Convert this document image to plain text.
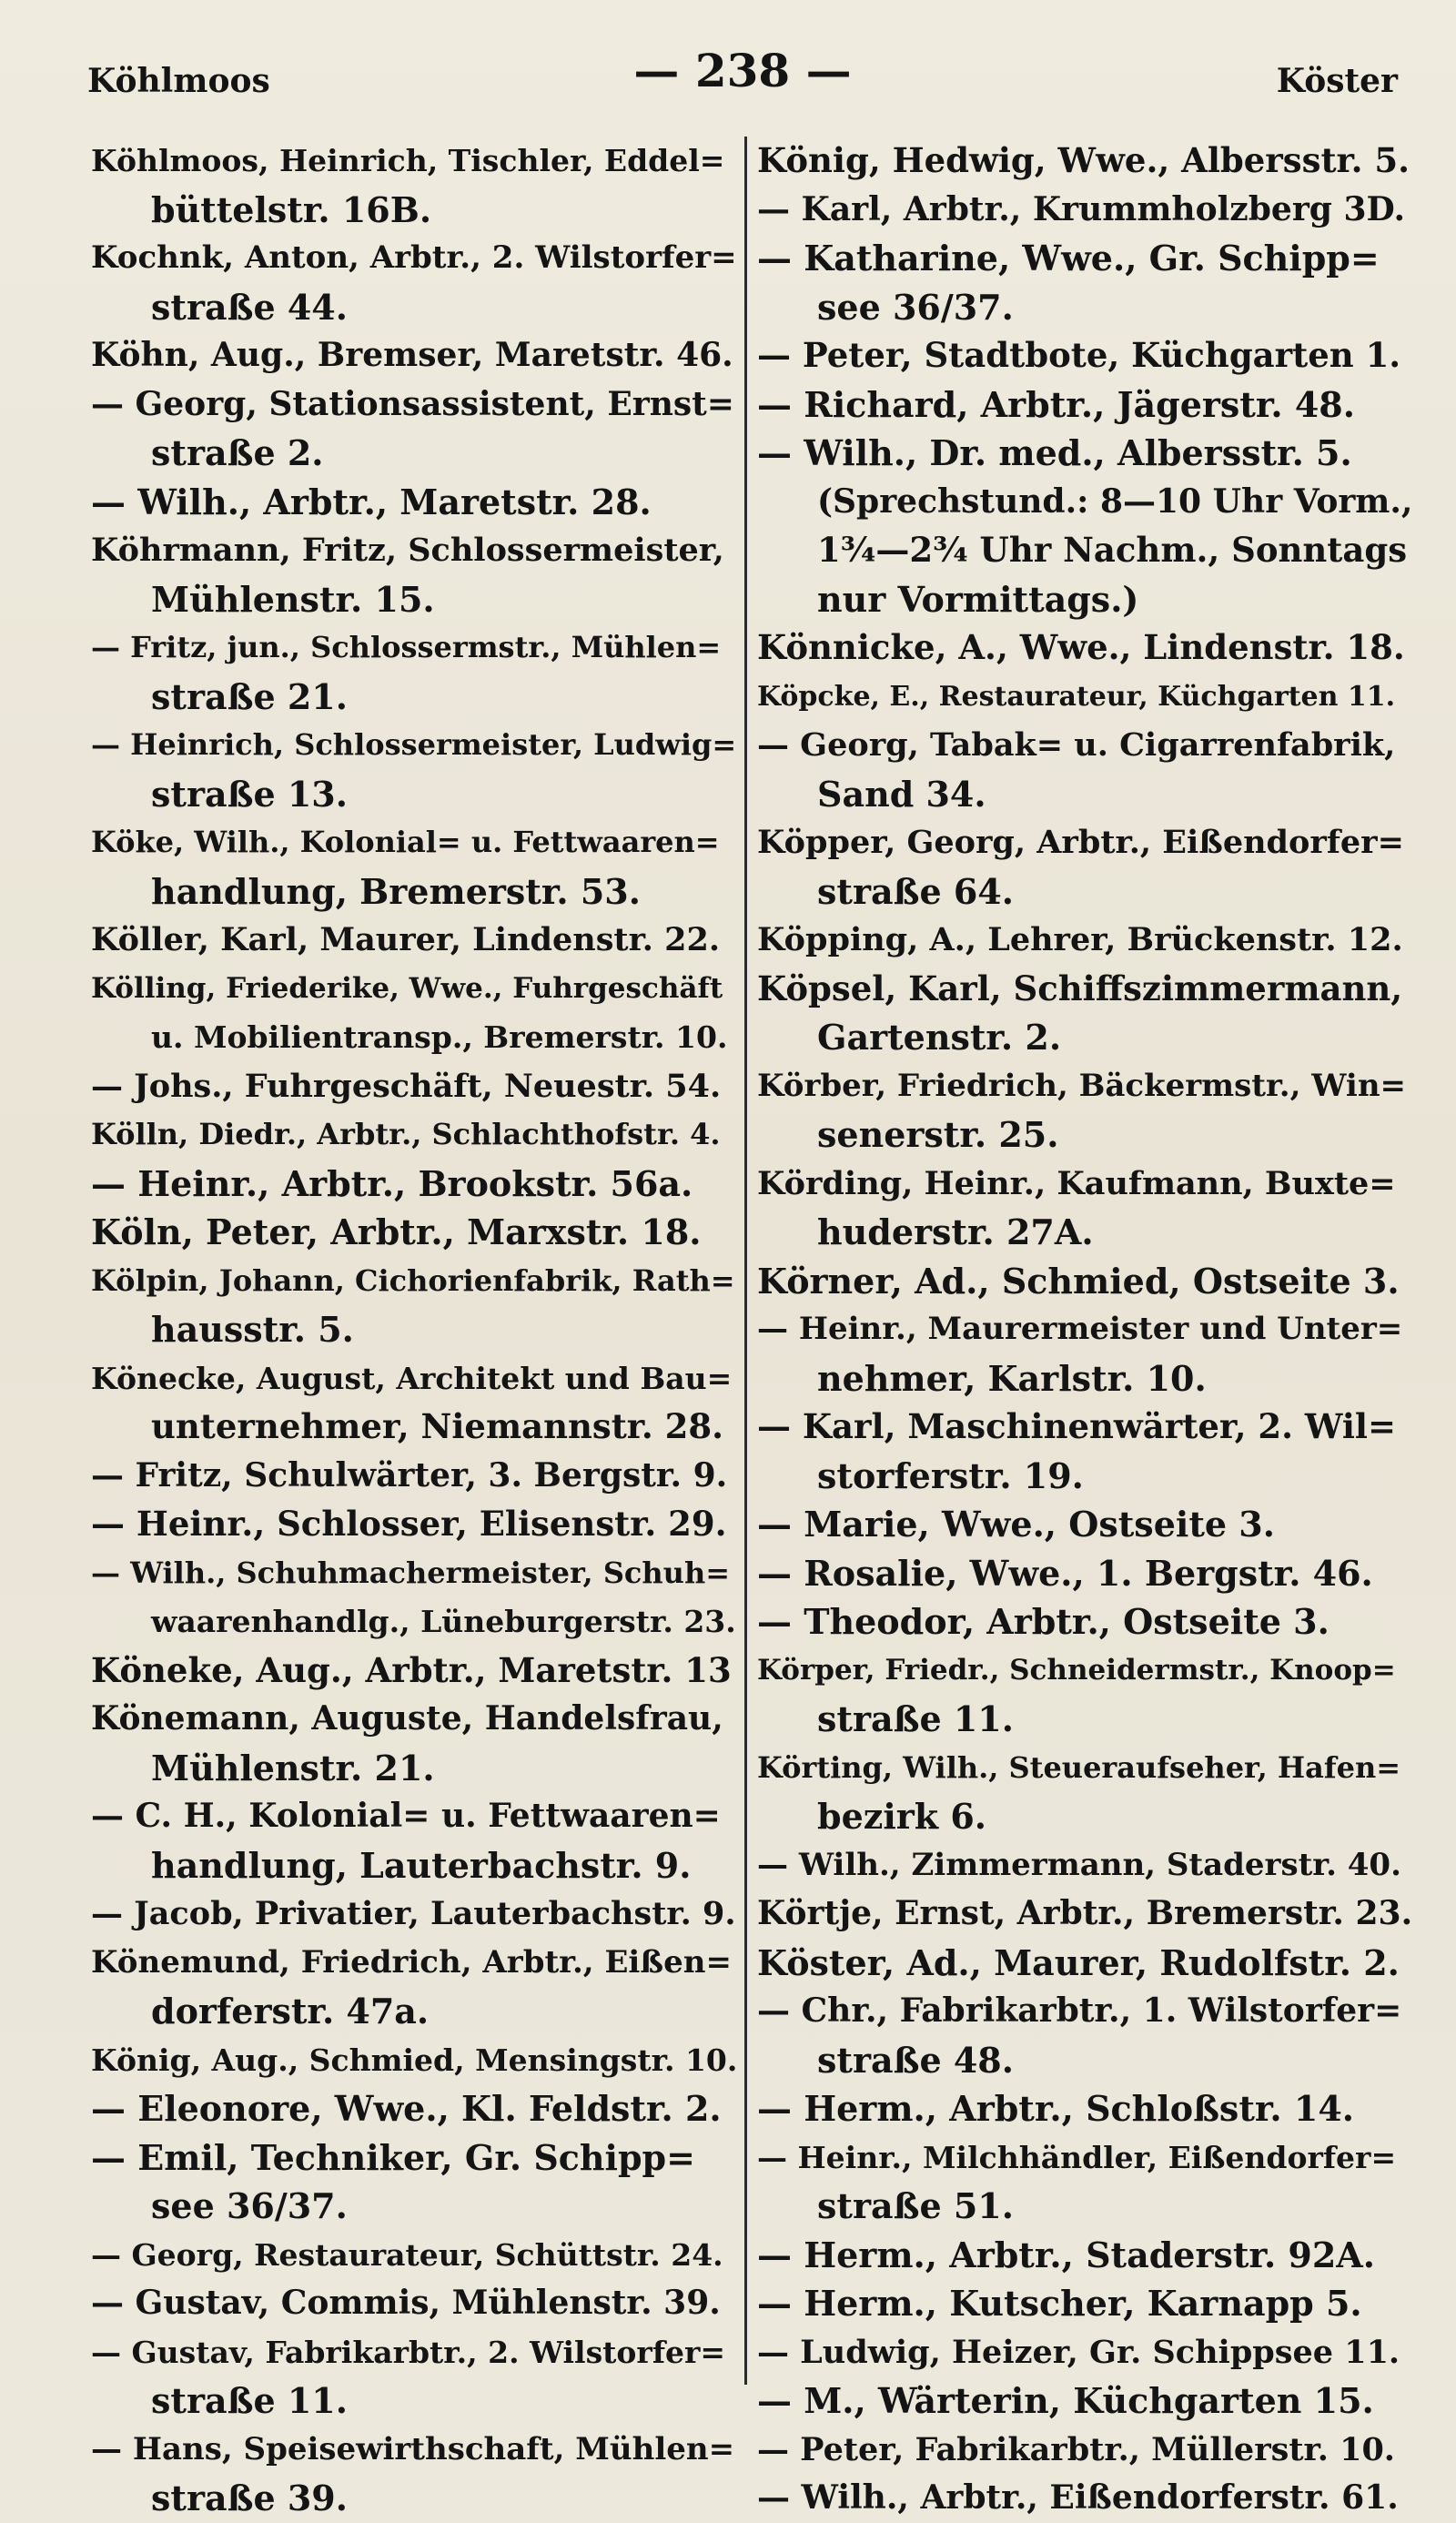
Köhlmoos	— 238 —	Köster
Köhlmoos, Heinrich, Tischler, Eddel=
büttelstr. 16B.
Kochnk, Anton, Arbtr., 2. Wilstorfer=
straße 44.
Köhn, Aug., Bremser, Maretstr. 46.
— Georg, Stationsassistent, Ernst=
straße 2.
— Wilh., Arbtr., Maretstr. 28.
Köhrmann, Fritz, Schlossermeister,
Mühlenstr. 15.
— Fritz, jun., Schlossermstr., Mühlen=
straße 21.
— Heinrich, Schlossermeister, Ludwig=
straße 13.
Köke, Wilh., Kolonial= u. Fettwaaren=
handlung, Bremerstr. 53.
Köller, Karl, Maurer, Lindenstr. 22.
Kölling, Friederike, Wwe., Fuhrgeschäft
u. Mobilientransp., Bremerstr. 10.
— Johs., Fuhrgeschäft, Neuestr. 54.
Kölln, Diedr., Arbtr., Schlachthofstr. 4.
— Heinr., Arbtr., Brookstr. 56a.
Köln, Peter, Arbtr., Marxstr. 18.
Kölpin, Johann, Cichorienfabrik, Rath=
hausstr. 5.
Könecke, August, Architekt und Bau=
unternehmer, Niemannstr. 28.
— Fritz, Schulwärter, 3. Bergstr. 9.
— Heinr., Schlosser, Elisenstr. 29.
— Wilh., Schuhmachermeister, Schuh=
waarenhandlg., Lüneburgerstr. 23.
Köneke, Aug., Arbtr., Maretstr. 13
Könemann, Auguste, Handelsfrau,
Mühlenstr. 21.
— C. H., Kolonial= u. Fettwaaren=
handlung, Lauterbachstr. 9.
— Jacob, Privatier, Lauterbachstr. 9.
Könemund, Friedrich, Arbtr., Eißen=
dorferstr. 47a.
König, Aug., Schmied, Mensingstr. 10.
— Eleonore, Wwe., Kl. Feldstr. 2.
— Emil, Techniker, Gr. Schipp=
see 36/37.
— Georg, Restaurateur, Schüttstr. 24.
— Gustav, Commis, Mühlenstr. 39.
— Gustav, Fabrikarbtr., 2. Wilstorfer=
straße 11.
— Hans, Speisewirthschaft, Mühlen=
straße 39.
König, Hedwig, Wwe., Albersstr. 5.
— Karl, Arbtr., Krummholzberg 3D.
— Katharine, Wwe., Gr. Schipp=
see 36/37.
— Peter, Stadtbote, Küchgarten 1.
— Richard, Arbtr., Jägerstr. 48.
— Wilh., Dr. med., Albersstr. 5.
(Sprechstund.: 8—10 Uhr Vorm.,
1¾—2¾ Uhr Nachm., Sonntags
nur Vormittags.)
Könnicke, A., Wwe., Lindenstr. 18.
Köpcke, E., Restaurateur, Küchgarten 11.
— Georg, Tabak= u. Cigarrenfabrik,
Sand 34.
Köpper, Georg, Arbtr., Eißendorfer=
straße 64.
Köpping, A., Lehrer, Brückenstr. 12.
Köpsel, Karl, Schiffszimmermann,
Gartenstr. 2.
Körber, Friedrich, Bäckermstr., Win=
senerstr. 25.
Körding, Heinr., Kaufmann, Buxte=
huderstr. 27A.
Körner, Ad., Schmied, Ostseite 3.
— Heinr., Maurermeister und Unter=
nehmer, Karlstr. 10.
— Karl, Maschinenwärter, 2. Wil=
storferstr. 19.
— Marie, Wwe., Ostseite 3.
— Rosalie, Wwe., 1. Bergstr. 46.
— Theodor, Arbtr., Ostseite 3.
Körper, Friedr., Schneidermstr., Knoop=
straße 11.
Körting, Wilh., Steueraufseher, Hafen=
bezirk 6.
— Wilh., Zimmermann, Staderstr. 40.
Körtje, Ernst, Arbtr., Bremerstr. 23.
Köster, Ad., Maurer, Rudolfstr. 2.
— Chr., Fabrikarbtr., 1. Wilstorfer=
straße 48.
— Herm., Arbtr., Schloßstr. 14.
— Heinr., Milchhändler, Eißendorfer=
straße 51.
— Herm., Arbtr., Staderstr. 92A.
— Herm., Kutscher, Karnapp 5.
— Ludwig, Heizer, Gr. Schippsee 11.
— M., Wärterin, Küchgarten 15.
— Peter, Fabrikarbtr., Müllerstr. 10.
— Wilh., Arbtr., Eißendorferstr. 61.
